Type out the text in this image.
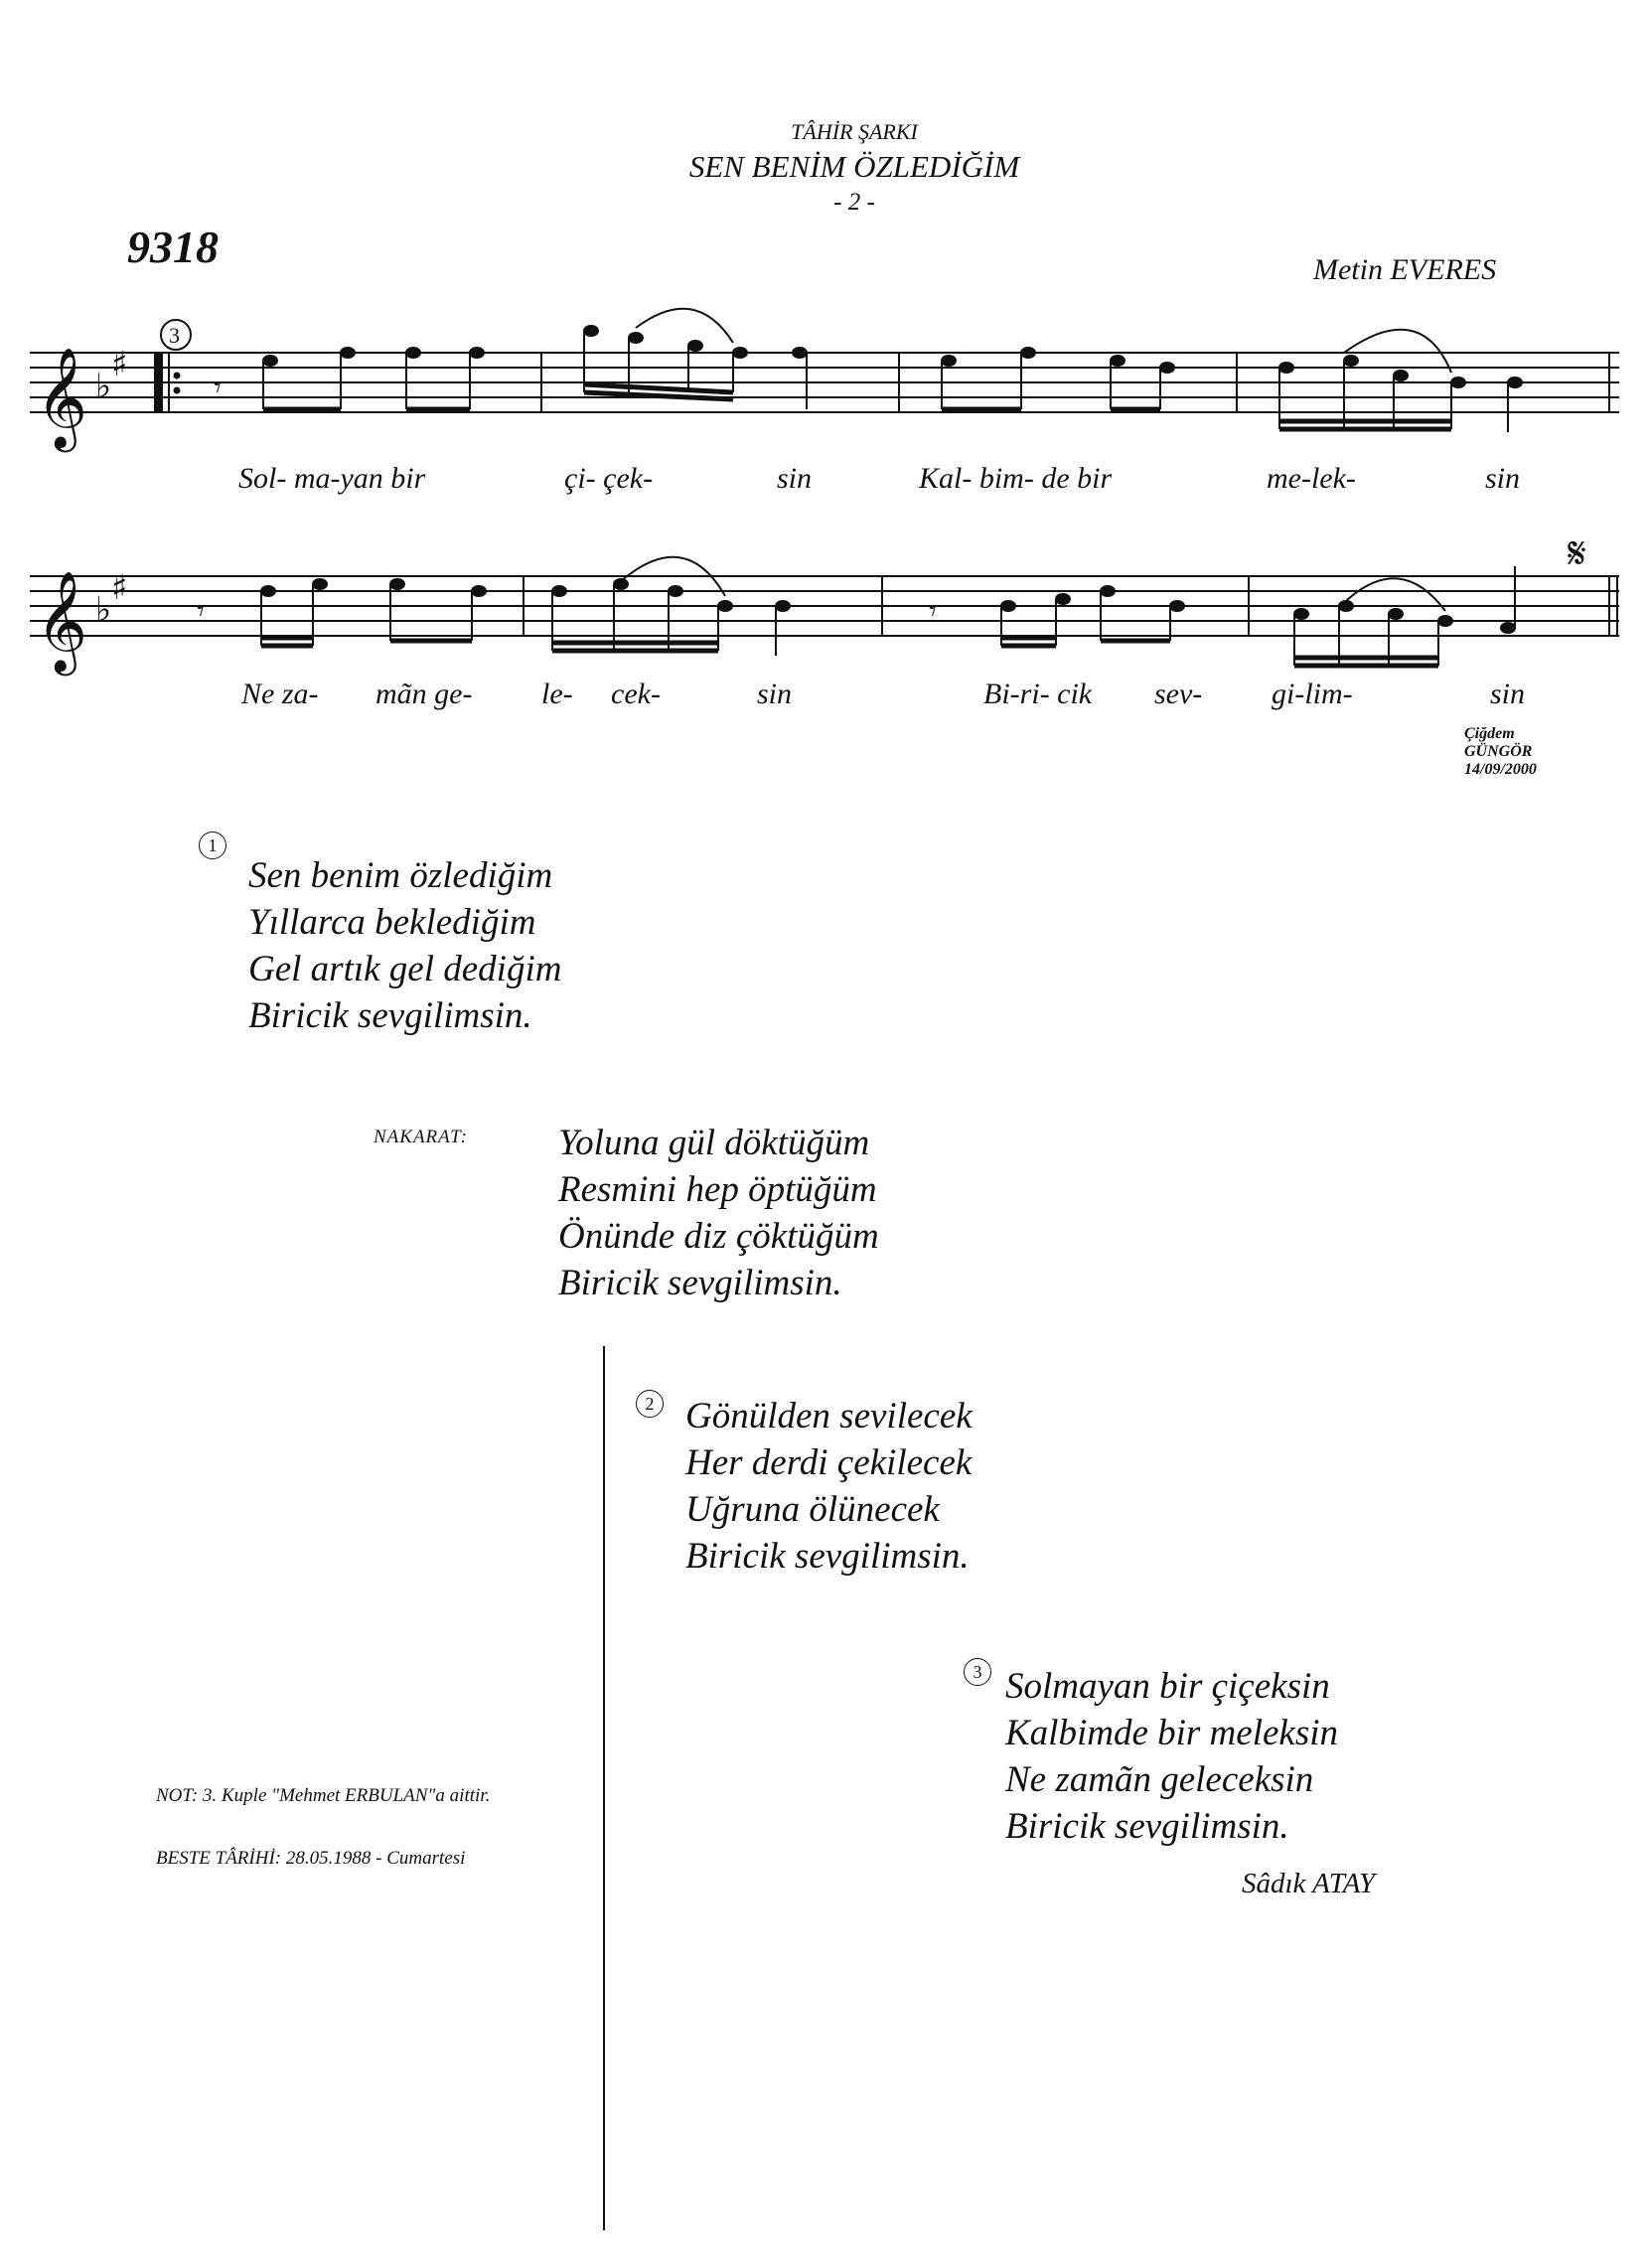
TÂHİR ŞARKI
SEN BENİM ÖZLEDİĞİM
- 2 -
9318	Metin EVERES
𝄞
𝄞
♯
♭
♯
♭
3
𝄾
𝄾	𝄾
𝄋
Sol- ma-yan bir	çi- çek-	sin	Kal- bim- de bir	me-lek-	sin
Ne za- mãn ge- le- cek-	sin	Bi-ri- cik sev- gi-lim-	sin
Çiğdem
GÜNGÖR
14/09/2000
1
Sen benim özlediğim
Yıllarca beklediğim
Gel artık gel dediğim
Biricik sevgilimsin.
NAKARAT: Yoluna gül döktüğüm
Resmini hep öptüğüm
Önünde diz çöktüğüm
Biricik sevgilimsin.
2 Gönülden sevilecek
Her derdi çekilecek
Uğruna ölünecek
Biricik sevgilimsin.
3 Solmayan bir çiçeksin
Kalbimde bir meleksin
Ne zamãn geleceksin
Biricik sevgilimsin.
NOT: 3. Kuple "Mehmet ERBULAN"a aittir.
BESTE TÂRİHİ: 28.05.1988 - Cumartesi
Sâdık ATAY
